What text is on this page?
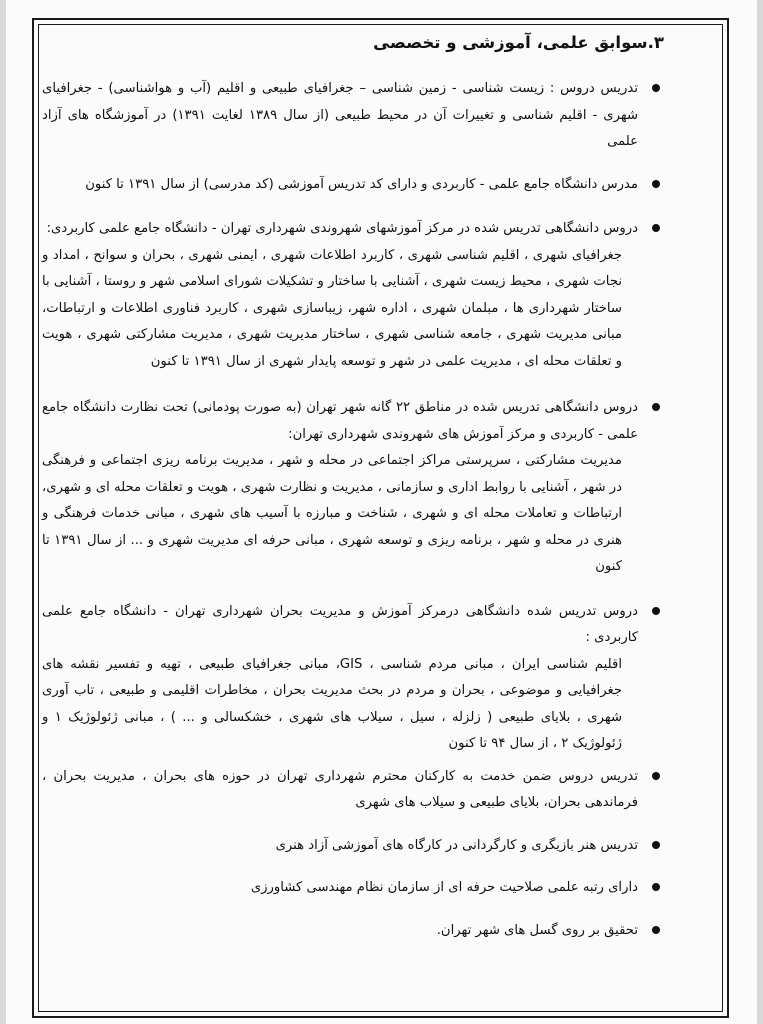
۳.سوابق علمی، آموزشی و تخصصی
تدریس دروس : زیست شناسی - زمین شناسی – جغرافیای طبیعی و اقلیم (آب و هواشناسی) - جغرافیای شهری - اقلیم شناسی و تغییرات آن در محیط طبیعی (از سال ۱۳۸۹ لغایت ۱۳۹۱) در آموزشگاه های آزاد علمی
مدرس دانشگاه جامع علمی - کاربردی و دارای کد تدریس آموزشی (کد مدرسی) از سال ۱۳۹۱ تا کنون
دروس دانشگاهی تدریس شده در مرکز آموزشهای شهروندی شهرداری تهران - دانشگاه جامع علمی کاربردی:
جغرافیای شهری ، اقلیم شناسی شهری ، کاربرد اطلاعات شهری ، ایمنی شهری ، بحران و سوانح ، امداد و نجات شهری ، محیط زیست شهری ، آشنایی با ساختار و تشکیلات شورای اسلامی شهر و روستا ، آشنایی با ساختار شهرداری ها ، مبلمان شهری ، اداره شهر، زیباسازی شهری ، کاربرد فناوری اطلاعات و ارتباطات، مبانی مدیریت شهری ، جامعه شناسی شهری ، ساختار مدیریت شهری ، مدیریت مشارکتی شهری ، هویت و تعلقات محله ای ، مدیریت علمی در شهر و توسعه پایدار شهری از سال ۱۳۹۱ تا کنون
دروس دانشگاهی تدریس شده در مناطق ۲۲ گانه شهر تهران (به صورت پودمانی) تحت نظارت دانشگاه جامع علمی - کاربردی و مرکز آموزش های شهروندی شهرداری تهران:
مدیریت مشارکتی ، سرپرستی مراکز اجتماعی در محله و شهر ، مدیریت برنامه ریزی اجتماعی و فرهنگی در شهر ، آشنایی با روابط اداری و سازمانی ، مدیریت و نظارت شهری ، هویت و تعلقات محله ای و شهری، ارتباطات و تعاملات محله ای و شهری ، شناخت و مبارزه با آسیب های شهری ، مبانی خدمات فرهنگی و هنری در محله و شهر ، برنامه ریزی و توسعه شهری ، مبانی حرفه ای مدیریت شهری و ... از سال ۱۳۹۱ تا کنون
دروس تدریس شده دانشگاهی درمرکز آموزش و مدیریت بحران شهرداری تهران - دانشگاه جامع علمی کاربردی :
اقلیم شناسی ایران ، مبانی مردم شناسی ، GIS، مبانی جغرافیای طبیعی ، تهیه و تفسیر نقشه های جغرافیایی و موضوعی ، بحران و مردم در بحث مدیریت بحران ، مخاطرات اقلیمی و طبیعی ، تاب آوری شهری ، بلایای طبیعی ( زلزله ، سیل ، سیلاب های شهری ، خشکسالی و ... ) ، مبانی ژئولوژیک ۱ و ژئولوژیک ۲ ، از سال ۹۴ تا کنون
تدریس دروس ضمن خدمت به کارکنان محترم شهرداری تهران در حوزه های بحران ، مدیریت بحران ، فرماندهی بحران، بلایای طبیعی و سیلاب های شهری
تدریس هنر بازیگری و کارگردانی در کارگاه های آموزشی آزاد هنری
دارای رتبه علمی صلاحیت حرفه ای از سازمان نظام مهندسی کشاورزی
تحقیق بر روی گسل های شهر تهران.
